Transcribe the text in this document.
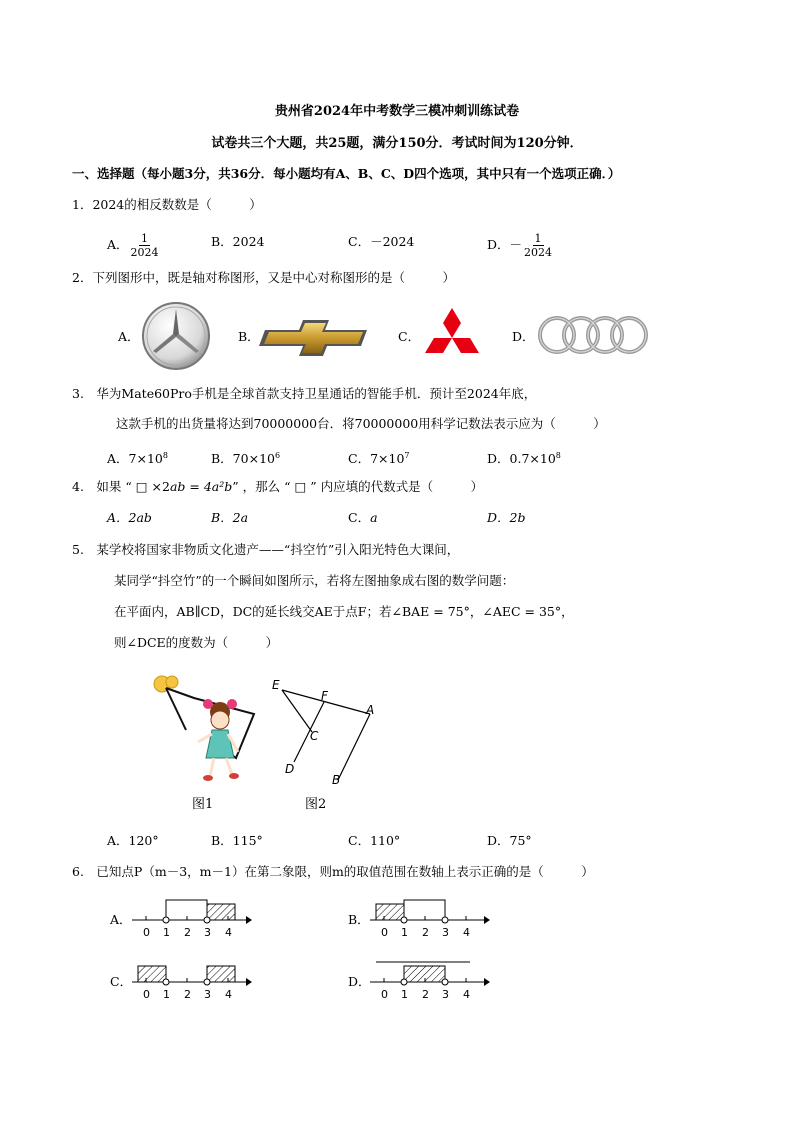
贵州省2024年中考数学三模冲刺训练试卷
试卷共三个大题，共25题，满分150分．考试时间为120分钟．
一、选择题（每小题3分，共36分．每小题均有A、B、C、D四个选项，其中只有一个选项正确．）
1．2024的相反数数是（　　　）
A． $\frac{1}{2024}$	B．2024	C．－2024	D．－ $\frac{1}{2024}$
2．下列图形中，既是轴对称图形，又是中心对称图形的是（　　　）
A．	B．	C．	D．
3.　华为Mate60Pro手机是全球首款支持卫星通话的智能手机．预计至2024年底，
这款手机的出货量将达到70000000台．将70000000用科学记数法表示应为（　　　）
A．$7\times 10^8$	B．$70\times 10^6$	C．$7\times 10^7$	D．$0.7\times 10^8$
4.　如果 “ □ ×2ab = 4a²b” ，那么 “ □ ” 内应填的代数式是（　　　）
A．2ab	B．2a	C．a	D．2b
5.　某学校将国家非物质文化遗产——“抖空竹”引入阳光特色大课间，
某同学“抖空竹”的一个瞬间如图所示，若将左图抽象成右图的数学问题：
在平面内，AB∥CD，DC的延长线交AE于点F；若∠BAE = 75°，∠AEC = 35°，
则∠DCE的度数为（　　　）
图1
E
F
A
C
D
B
图2
A．120°	B．115°	C．110°	D．75°
6.　已知点P（m－3，m－1）在第二象限，则m的取值范围在数轴上表示正确的是（　　　）
A．
0 1 2 3 4
B．
0 1 2 3 4
C．
0 1 2 3 4
D．
0 1 2 3 4
